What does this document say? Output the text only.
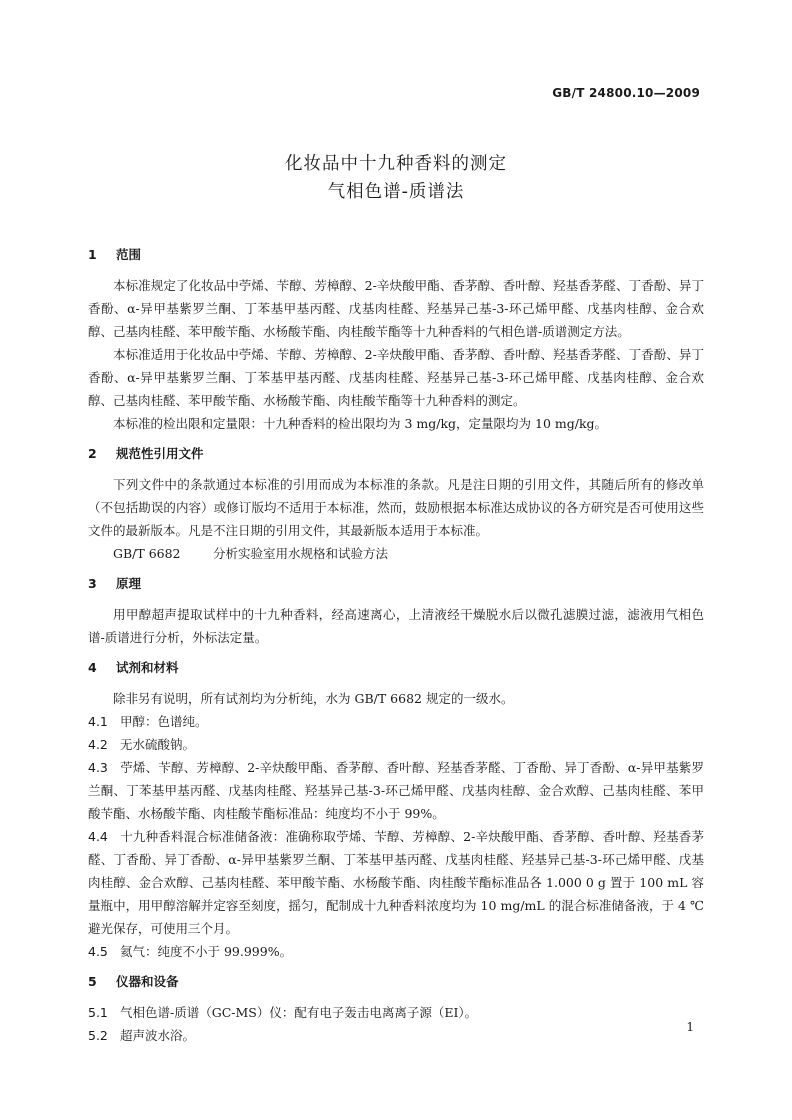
GB/T 24800.10—2009
化妆品中十九种香料的测定
气相色谱-质谱法
1 范围

本标准规定了化妆品中苧烯、苄醇、芳樟醇、2-辛炔酸甲酯、香茅醇、香叶醇、羟基香茅醛、丁香酚、异丁香酚、α-异甲基紫罗兰酮、丁苯基甲基丙醛、戊基肉桂醛、羟基异己基-3-环己烯甲醛、戊基肉桂醇、金合欢醇、己基肉桂醛、苯甲酸苄酯、水杨酸苄酯、肉桂酸苄酯等十九种香料的气相色谱-质谱测定方法。

本标准适用于化妆品中苧烯、苄醇、芳樟醇、2-辛炔酸甲酯、香茅醇、香叶醇、羟基香茅醛、丁香酚、异丁香酚、α-异甲基紫罗兰酮、丁苯基甲基丙醛、戊基肉桂醛、羟基异己基-3-环己烯甲醛、戊基肉桂醇、金合欢醇、己基肉桂醛、苯甲酸苄酯、水杨酸苄酯、肉桂酸苄酯等十九种香料的测定。

本标准的检出限和定量限：十九种香料的检出限均为 3 mg/kg，定量限均为 10 mg/kg。

2 规范性引用文件

下列文件中的条款通过本标准的引用而成为本标准的条款。凡是注日期的引用文件，其随后所有的修改单（不包括勘误的内容）或修订版均不适用于本标准，然而，鼓励根据本标准达成协议的各方研究是否可使用这些文件的最新版本。凡是不注日期的引用文件，其最新版本适用于本标准。

GB/T 6682	分析实验室用水规格和试验方法

3 原理

用甲醇超声提取试样中的十九种香料，经高速离心，上清液经干燥脱水后以微孔滤膜过滤，滤液用气相色谱-质谱进行分析，外标法定量。

4 试剂和材料

除非另有说明，所有试剂均为分析纯，水为 GB/T 6682 规定的一级水。

4.1 甲醇：色谱纯。

4.2 无水硫酸钠。

4.3 苧烯、苄醇、芳樟醇、2-辛炔酸甲酯、香茅醇、香叶醇、羟基香茅醛、丁香酚、异丁香酚、α-异甲基紫罗兰酮、丁苯基甲基丙醛、戊基肉桂醛、羟基异己基-3-环己烯甲醛、戊基肉桂醇、金合欢醇、己基肉桂醛、苯甲酸苄酯、水杨酸苄酯、肉桂酸苄酯标准品：纯度均不小于 99%。

4.4 十九种香料混合标准储备液：准确称取苧烯、苄醇、芳樟醇、2-辛炔酸甲酯、香茅醇、香叶醇、羟基香茅醛、丁香酚、异丁香酚、α-异甲基紫罗兰酮、丁苯基甲基丙醛、戊基肉桂醛、羟基异己基-3-环己烯甲醛、戊基肉桂醇、金合欢醇、己基肉桂醛、苯甲酸苄酯、水杨酸苄酯、肉桂酸苄酯标准品各 1.000 0 g 置于 100 mL 容量瓶中，用甲醇溶解并定容至刻度，摇匀，配制成十九种香料浓度均为 10 mg/mL 的混合标准储备液，于 4 ℃避光保存，可使用三个月。

4.5 氦气：纯度不小于 99.999%。

5 仪器和设备

5.1 气相色谱-质谱（GC-MS）仪：配有电子轰击电离离子源（EI）。

5.2 超声波水浴。

1
